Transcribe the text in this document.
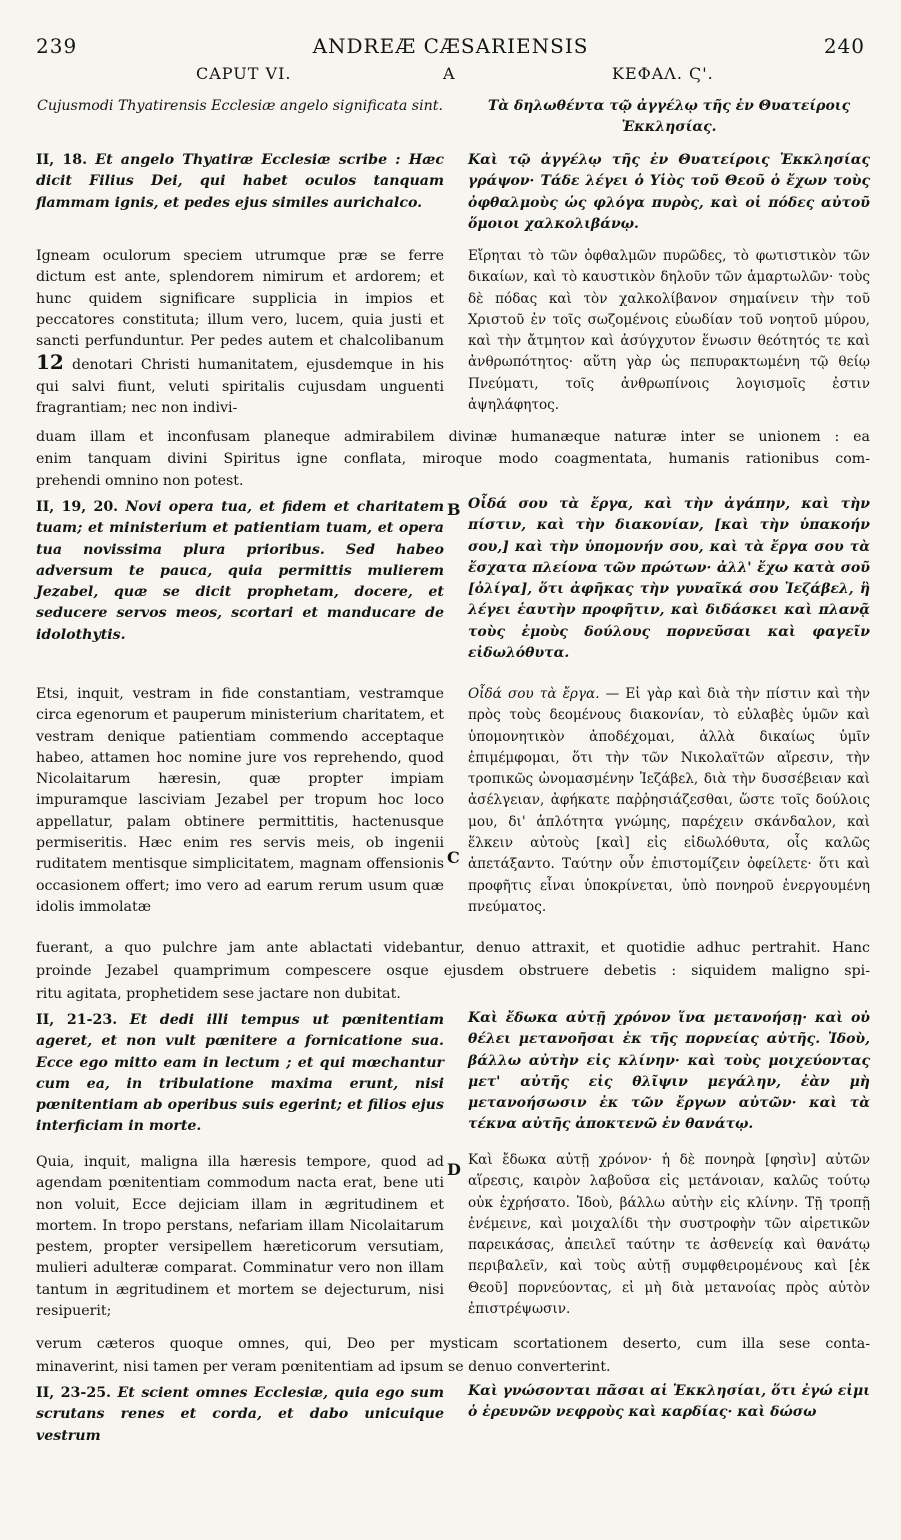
239	ANDREÆ CÆSARIENSIS	240
CAPUT VI.	A	ΚΕΦΑΛ. Ϛ'.
Cujusmodi Thyatirensis Ecclesiæ angelo significata sint.	Τὰ δηλωθέντα τῷ ἀγγέλῳ τῆς ἐν Θυατείροις Ἐκκλησίας.

II, 18. Et angelo Thyatiræ Ecclesiæ scribe : Hæc dicit Filius Dei, qui habet oculos tanquam flammam ignis, et pedes ejus similes aurichalco.

Καὶ τῷ ἀγγέλῳ τῆς ἐν Θυατείροις Ἐκκλησίας γράψον· Τάδε λέγει ὁ Υἱὸς τοῦ Θεοῦ ὁ ἔχων τοὺς ὀφθαλμοὺς ὡς φλόγα πυρὸς, καὶ οἱ πόδες αὐτοῦ ὅμοιοι χαλκολιβάνῳ.

Igneam oculorum speciem utrumque præ se ferre dictum est ante, splendorem nimirum et ardorem; et hunc quidem significare supplicia in impios et peccatores constituta; illum vero, lucem, quia justi et sancti perfunduntur. Per pedes autem et chalcolibanum 12 denotari Christi humanitatem, ejusdemque in his qui salvi fiunt, veluti spiritalis cujusdam unguenti fragrantiam; nec non indivi-

Εἴρηται τὸ τῶν ὀφθαλμῶν πυρῶδες, τὸ φωτιστικὸν τῶν δικαίων, καὶ τὸ καυστικὸν δηλοῦν τῶν ἁμαρτωλῶν· τοὺς δὲ πόδας καὶ τὸν χαλκολίβανον σημαίνειν τὴν τοῦ Χριστοῦ ἐν τοῖς σωζομένοις εὐωδίαν τοῦ νοητοῦ μύρου, καὶ τὴν ἄτμητον καὶ ἀσύγχυτον ἕνωσιν θεότητός τε καὶ ἀνθρωπότητος· αὕτη γὰρ ὡς πεπυρακτωμένη τῷ θείῳ Πνεύματι, τοῖς ἀνθρωπίνοις λογισμοῖς ἐστιν ἀψηλάφητος.

duam illam et inconfusam planeque admirabilem divinæ humanæque naturæ inter se unionem : ea

enim tanquam divini Spiritus igne conflata, miroque modo coagmentata, humanis rationibus com-

prehendi omnino non potest.

II, 19, 20. Novi opera tua, et fidem et charitatem tuam; et ministerium et patientiam tuam, et opera tua novissima plura prioribus. Sed habeo adversum te pauca, quia permittis mulierem Jezabel, quæ se dicit prophetam, docere, et seducere servos meos, scortari et manducare de idolothytis.

B Οἶδά σου τὰ ἔργα, καὶ τὴν ἀγάπην, καὶ τὴν πίστιν, καὶ τὴν διακονίαν, [καὶ τὴν ὑπακοήν σου,] καὶ τὴν ὑπομονήν σου, καὶ τὰ ἔργα σου τὰ ἔσχατα πλείονα τῶν πρώτων· ἀλλ' ἔχω κατὰ σοῦ [ὀλίγα], ὅτι ἀφῆκας τὴν γυναῖκά σου Ἰεζάβελ, ἣ λέγει ἑαυτὴν προφῆτιν, καὶ διδάσκει καὶ πλανᾷ τοὺς ἐμοὺς δούλους πορνεῦσαι καὶ φαγεῖν εἰδωλόθυτα.

Etsi, inquit, vestram in fide constantiam, vestramque circa egenorum et pauperum ministerium charitatem, et vestram denique patientiam commendo acceptaque habeo, attamen hoc nomine jure vos reprehendo, quod Nicolaitarum hæresin, quæ propter impiam impuramque lasciviam Jezabel per tropum hoc loco appellatur, palam obtinere permittitis, hactenusque permiseritis. Hæc enim res servis meis, ob ingenii ruditatem mentisque simplicitatem, magnam offensionis occasionem offert; imo vero ad earum rerum usum quæ idolis immolatæ

C

Οἶδά σου τὰ ἔργα. — Εἰ γὰρ καὶ διὰ τὴν πίστιν καὶ τὴν πρὸς τοὺς δεομένους διακονίαν, τὸ εὐλαβὲς ὑμῶν καὶ ὑπομονητικὸν ἀποδέχομαι, ἀλλὰ δικαίως ὑμῖν ἐπιμέμφομαι, ὅτι τὴν τῶν Νικολαϊτῶν αἵρεσιν, τὴν τροπικῶς ὠνομασμένην Ἰεζάβελ, διὰ τὴν δυσσέβειαν καὶ ἀσέλγειαν, ἀφήκατε παῤῥησιάζεσθαι, ὥστε τοῖς δούλοις μου, δι' ἁπλότητα γνώμης, παρέχειν σκάνδαλον, καὶ ἕλκειν αὐτοὺς [καὶ] εἰς εἰδωλόθυτα, οἷς καλῶς ἀπετάξαντο. Ταύτην οὖν ἐπιστομίζειν ὀφείλετε· ὅτι καὶ προφῆτις εἶναι ὑποκρίνεται, ὑπὸ πονηροῦ ἐνεργουμένη πνεύματος.

fuerant, a quo pulchre jam ante ablactati videbantur, denuo attraxit, et quotidie adhuc pertrahit. Hanc

proinde Jezabel quamprimum compescere osque ejusdem obstruere debetis : siquidem maligno spi-

ritu agitata, prophetidem sese jactare non dubitat.

II, 21-23. Et dedi illi tempus ut pœnitentiam ageret, et non vult pœnitere a fornicatione sua. Ecce ego mitto eam in lectum ; et qui mœchantur cum ea, in tribulatione maxima erunt, nisi pœnitentiam ab operibus suis egerint; et filios ejus interficiam in morte.

Καὶ ἔδωκα αὐτῇ χρόνον ἵνα μετανοήσῃ· καὶ οὐ θέλει μετανοῆσαι ἐκ τῆς πορνείας αὐτῆς. Ἰδοὺ, βάλλω αὐτὴν εἰς κλίνην· καὶ τοὺς μοιχεύοντας μετ' αὐτῆς εἰς θλῖψιν μεγάλην, ἐὰν μὴ μετανοήσωσιν ἐκ τῶν ἔργων αὐτῶν· καὶ τὰ τέκνα αὐτῆς ἀποκτενῶ ἐν θανάτῳ.

Quia, inquit, maligna illa hæresis tempore, quod ad agendam pœnitentiam commodum nacta erat, bene uti non voluit, Ecce dejiciam illam in ægritudinem et mortem. In tropo perstans, nefariam illam Nicolaitarum pestem, propter versipellem hæreticorum versutiam, mulieri adulteræ comparat. Comminatur vero non illam tantum in ægritudinem et mortem se dejecturum, nisi resipuerit;

D Καὶ ἔδωκα αὐτῇ χρόνον· ἡ δὲ πονηρὰ [φησὶν] αὐτῶν αἵρεσις, καιρὸν λαβοῦσα εἰς μετάνοιαν, καλῶς τούτῳ οὐκ ἐχρήσατο. Ἰδοὺ, βάλλω αὐτὴν εἰς κλίνην. Τῇ τροπῇ ἐνέμεινε, καὶ μοιχαλίδι τὴν συστροφὴν τῶν αἱρετικῶν παρεικάσας, ἀπειλεῖ ταύτην τε ἀσθενείᾳ καὶ θανάτῳ περιβαλεῖν, καὶ τοὺς αὐτῇ συμφθειρομένους καὶ [ἐκ Θεοῦ] πορνεύοντας, εἰ μὴ διὰ μετανοίας πρὸς αὐτὸν ἐπιστρέψωσιν.

verum cæteros quoque omnes, qui, Deo per mysticam scortationem deserto, cum illa sese conta-

minaverint, nisi tamen per veram pœnitentiam ad ipsum se denuo converterint.

II, 23-25. Et scient omnes Ecclesiæ, quia ego sum scrutans renes et corda, et dabo unicuique vestrum

Καὶ γνώσονται πᾶσαι αἱ Ἐκκλησίαι, ὅτι ἐγώ εἰμι ὁ ἐρευνῶν νεφροὺς καὶ καρδίας· καὶ δώσω
